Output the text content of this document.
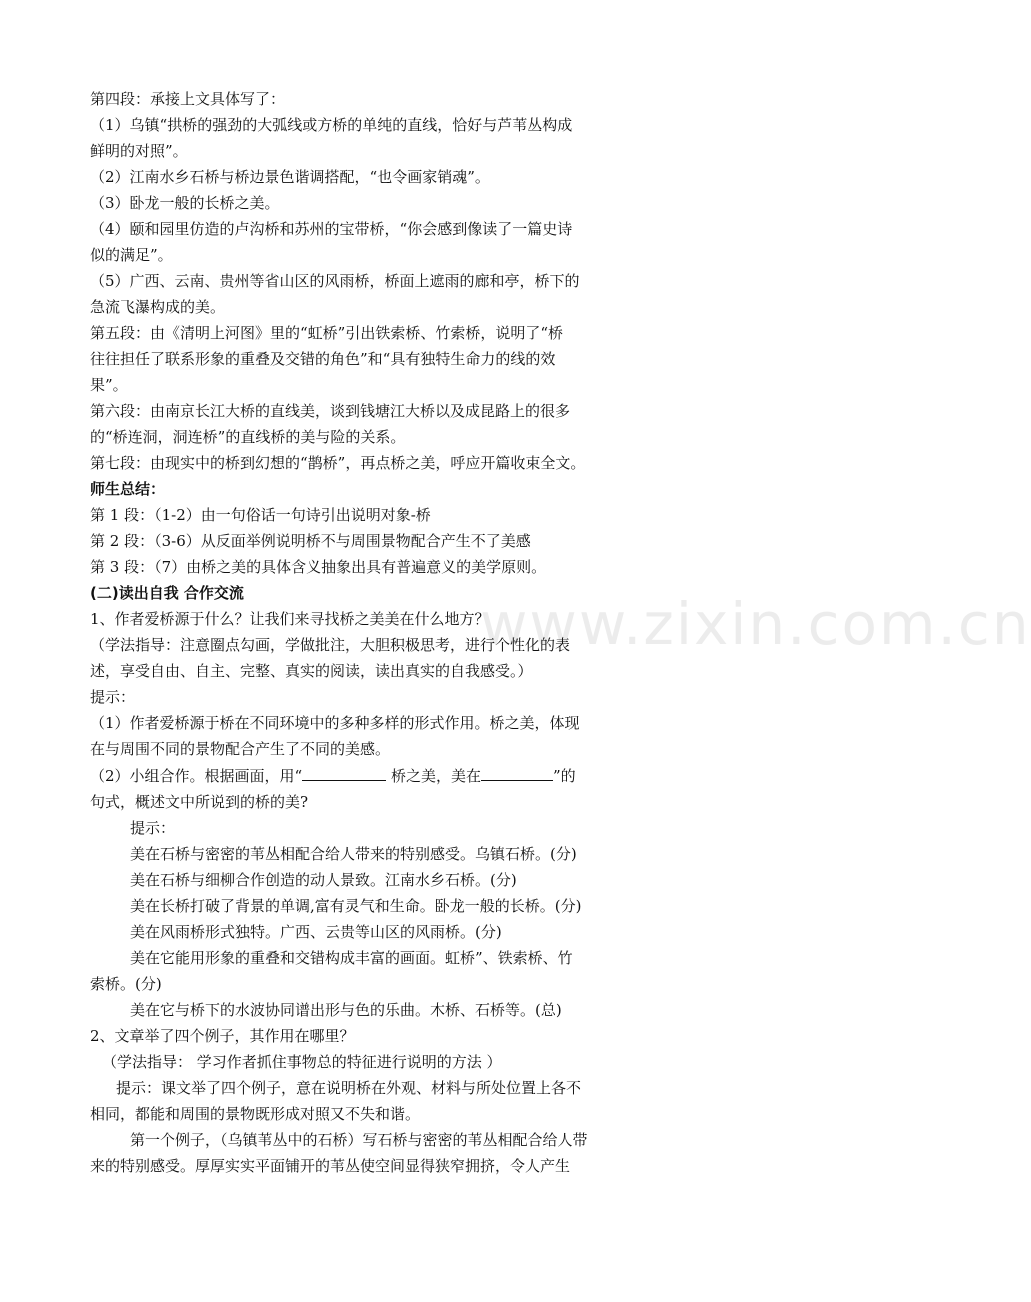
www.zixin.com.cn

第四段：承接上文具体写了：

（1）乌镇“拱桥的强劲的大弧线或方桥的单纯的直线，恰好与芦苇丛构成

鲜明的对照”。

（2）江南水乡石桥与桥边景色谐调搭配，“也令画家销魂”。

（3）卧龙一般的长桥之美。

（4）颐和园里仿造的卢沟桥和苏州的宝带桥，“你会感到像读了一篇史诗

似的满足”。

（5）广西、云南、贵州等省山区的风雨桥，桥面上遮雨的廊和亭，桥下的

急流飞瀑构成的美。

第五段：由《清明上河图》里的“虹桥”引出铁索桥、竹索桥，说明了“桥

往往担任了联系形象的重叠及交错的角色”和“具有独特生命力的线的效

果”。

第六段：由南京长江大桥的直线美，谈到钱塘江大桥以及成昆路上的很多

的“桥连洞，洞连桥”的直线桥的美与险的关系。

第七段：由现实中的桥到幻想的“鹊桥”，再点桥之美，呼应开篇收束全文。

师生总结：

第 1 段：（1-2）由一句俗话一句诗引出说明对象-桥

第 2 段：（3-6）从反面举例说明桥不与周围景物配合产生不了美感

第 3 段：（7）由桥之美的具体含义抽象出具有普遍意义的美学原则。

(二)读出自我 合作交流

1、作者爱桥源于什么？让我们来寻找桥之美美在什么地方？

（学法指导：注意圈点勾画，学做批注，大胆积极思考，进行个性化的表

述，享受自由、自主、完整、真实的阅读，读出真实的自我感受。）

提示：

（1）作者爱桥源于桥在不同环境中的多种多样的形式作用。桥之美，体现

在与周围不同的景物配合产生了不同的美感。

（2）小组合作。根据画面，用“	桥之美，美在	”的

句式，概述文中所说到的桥的美?

提示：

美在石桥与密密的苇丛相配合给人带来的特别感受。乌镇石桥。(分)

美在石桥与细柳合作创造的动人景致。江南水乡石桥。(分)

美在长桥打破了背景的单调,富有灵气和生命。卧龙一般的长桥。(分)

美在风雨桥形式独特。广西、云贵等山区的风雨桥。(分)

美在它能用形象的重叠和交错构成丰富的画面。虹桥”、铁索桥、竹

索桥。(分)

美在它与桥下的水波协同谱出形与色的乐曲。木桥、石桥等。(总)

2、文章举了四个例子，其作用在哪里？

（学法指导： 学习作者抓住事物总的特征进行说明的方法 ）

提示：课文举了四个例子，意在说明桥在外观、材料与所处位置上各不

相同，都能和周围的景物既形成对照又不失和谐。

第一个例子，（乌镇苇丛中的石桥）写石桥与密密的苇丛相配合给人带

来的特别感受。厚厚实实平面铺开的苇丛使空间显得狭窄拥挤，令人产生
